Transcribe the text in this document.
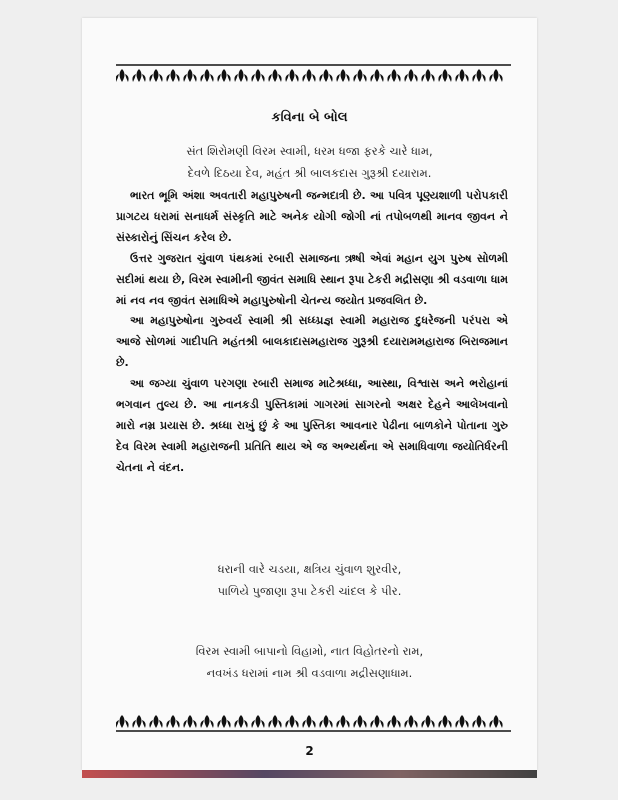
કવિના બે બોલ
સંત શિરોમણી વિરમ સ્વામી, ધરમ ધજા ફરકે ચારે ધામ,
દેવળે દિઠયા દેવ, મહંત શ્રી બાલકદાસ ગુરૂશ્રી દયારામ.

ભારત ભૂમિ અંશા અવતારી મહાપુરુષની જન્મદાત્રી છે. આ પવિત્ર પૂણ્યશાળી પરોપકારી પ્રાગટય ધરામાં સનાધર્મ સંસ્કૃતિ માટે અનેક યોગી જોગી નાં તપોબળથી માનવ જીવન ને સંસ્કારોનું સિંચન કરેલ છે.

ઉત્તર ગુજરાત ચુંવાળ પંથકમાં રબારી સમાજના ઋષી એવાં મહાન યુગ પુરુષ સોળમી સદીમાં થયા છે, વિરમ સ્વામીની જીવંત સમાધિ સ્થાન રૂપા ટેકરી મદ્રીસણા શ્રી વડવાળા ધામ માં નવ નવ જીવંત સમાધિએ મહાપુરુષોની ચેતન્ય જયોત પ્રજવલિત છે.

આ મહાપુરુષોના ગુરુવર્ય સ્વામી શ્રી સધ્ધ્પ્રજ્ઞ સ્વામી મહારાજ દુધરેજની પરંપરા એ આજે સોળમાં ગાદીપતિ મહંતશ્રી બાલકાદાસમહારાજ ગુરૂશ્રી દયારામમહારાજ બિરાજમાન છે.

આ જગ્યા ચુંવાળ પરગણા રબારી સમાજ માટેશ્રધ્ધા, આસ્થા, વિશ્વાસ અને ભરોહાનાં ભગવાન તુલ્ય છે. આ નાનકડી પુસ્તિકામાં ગાગરમાં સાગરનો અક્ષર દેહને આલેખવાનો મારો નમ્ર પ્રયાસ છે. શ્રધ્ધા રાખું છું કે આ પુસ્તિકા આવનાર પેઢીના બાળકોને પોતાના ગુરુ દેવ વિરમ સ્વામી મહારાજની પ્રતિતિ થાય એ જ અભ્યર્થના એ સમાધિવાળા જયોતિર્ધરની ચેતના ને વંદન.

ધરાની વારે ચડયા, ક્ષત્રિય ચુંવાળ શુરવીર,
પાળિયે પુજાણા રૂપા ટેકરી ચાંદલ કે પીર.
વિરમ સ્વામી બાપાનો વિહામો, નાત વિહોતરનો રામ,
નવખંડ ધરામાં નામ શ્રી વડવાળા મદ્રીસણાધામ.
2
